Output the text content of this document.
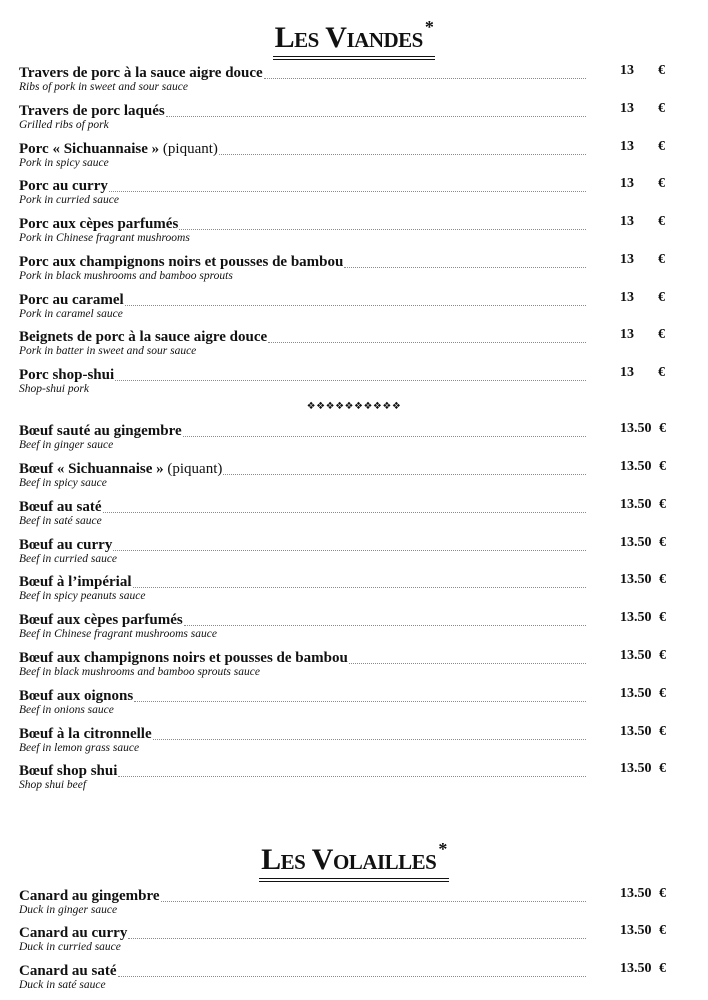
Les Viandes *
Travers de porc à la sauce aigre douce
Ribs of pork in sweet and sour sauce
13 €
Travers de porc laqués
Grilled ribs of pork
13 €
Porc « Sichuannaise » (piquant)
Pork in spicy sauce
13 €
Porc au curry
Pork in curried sauce
13 €
Porc aux cèpes parfumés
Pork in Chinese fragrant mushrooms
13 €
Porc aux champignons noirs et pousses de bambou
Pork in black mushrooms and bamboo sprouts
13 €
Porc au caramel
Pork in caramel sauce
13 €
Beignets de porc à la sauce aigre douce
Pork in batter in sweet and sour sauce
13 €
Porc shop-shui
Shop-shui pork
13 €
❖❖❖❖❖❖❖❖❖❖
Bœuf sauté au gingembre
Beef in ginger sauce
13.50 €
Bœuf « Sichuannaise » (piquant)
Beef in spicy sauce
13.50 €
Bœuf au saté
Beef in saté sauce
13.50 €
Bœuf au curry
Beef in curried sauce
13.50 €
Bœuf à l’impérial
Beef in spicy peanuts sauce
13.50 €
Bœuf aux cèpes parfumés
Beef in Chinese fragrant mushrooms sauce
13.50 €
Bœuf aux champignons noirs et pousses de bambou
Beef in black mushrooms and bamboo sprouts sauce
13.50 €
Bœuf aux oignons
Beef in onions sauce
13.50 €
Bœuf à la citronnelle
Beef in lemon grass sauce
13.50 €
Bœuf shop shui
Shop shui beef
13.50 €
Les Volailles *
Canard au gingembre
Duck in ginger sauce
13.50 €
Canard au curry
Duck in curried sauce
13.50 €
Canard au saté
Duck in saté sauce
13.50 €
